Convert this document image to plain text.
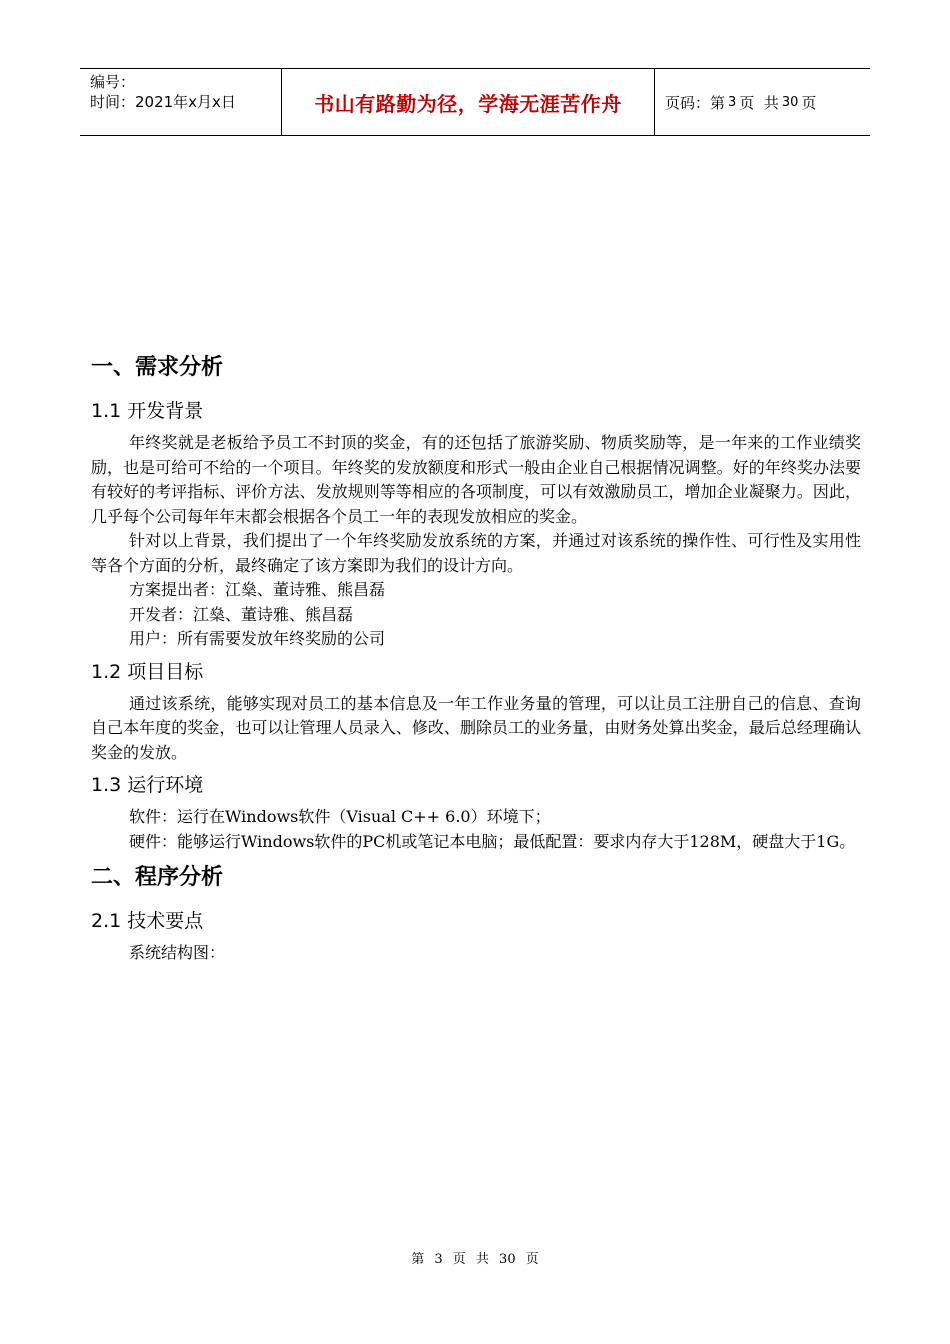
编号：
时间：2021年x月x日	书山有路勤为径，学海无涯苦作舟	页码：第 3 页  共 30 页
一、需求分析
1.1 开发背景

年终奖就是老板给予员工不封顶的奖金，有的还包括了旅游奖励、物质奖励等，是一年来的工作业绩奖励，也是可给可不给的一个项目。年终奖的发放额度和形式一般由企业自己根据情况调整。好的年终奖办法要有较好的考评指标、评价方法、发放规则等等相应的各项制度，可以有效激励员工，增加企业凝聚力。因此，几乎每个公司每年年末都会根据各个员工一年的表现发放相应的奖金。

针对以上背景，我们提出了一个年终奖励发放系统的方案，并通过对该系统的操作性、可行性及实用性等各个方面的分析，最终确定了该方案即为我们的设计方向。

方案提出者：江燊、董诗雅、熊昌磊

开发者：江燊、董诗雅、熊昌磊

用户：所有需要发放年终奖励的公司

1.2 项目目标

通过该系统，能够实现对员工的基本信息及一年工作业务量的管理，可以让员工注册自己的信息、查询自己本年度的奖金，也可以让管理人员录入、修改、删除员工的业务量，由财务处算出奖金，最后总经理确认奖金的发放。

1.3 运行环境

软件：运行在Windows软件（Visual C++ 6.0）环境下；

硬件：能够运行Windows软件的PC机或笔记本电脑；最低配置：要求内存大于128M，硬盘大于1G。

二、程序分析
2.1 技术要点

系统结构图：

第 3 页 共 30 页
